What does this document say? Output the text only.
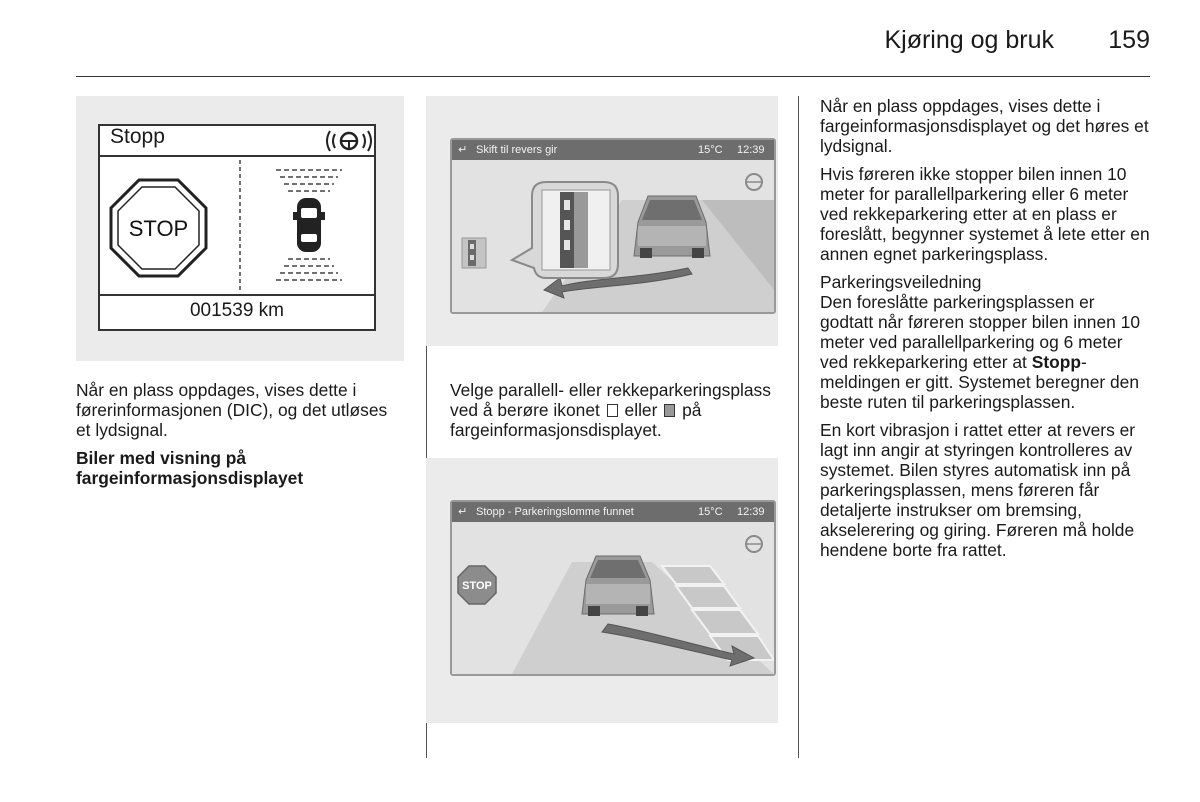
Kjøring og bruk 159
Stopp
STOP
001539 km
↵ Skift til revers gir	15°C 12:39

Velge parallell- eller rekkeparkeringsplass ved å berøre ikonet eller på fargeinformasjonsdisplayet.

↵ Stopp - Parkeringslomme funnet	15°C 12:39
STOP

Når en plass oppdages, vises dette i førerinformasjonen (DIC), og det utløses et lydsignal.

Biler med visning på fargeinformasjonsdisplayet

Når en plass oppdages, vises dette i fargeinformasjonsdisplayet og det høres et lydsignal.

Hvis føreren ikke stopper bilen innen 10 meter for parallellparkering eller 6 meter ved rekkeparkering etter at en plass er foreslått, begynner systemet å lete etter en annen egnet parkeringsplass.

Parkeringsveiledning

Den foreslåtte parkeringsplassen er godtatt når føreren stopper bilen innen 10 meter ved parallellparkering og 6 meter ved rekkeparkering etter at Stopp-meldingen er gitt. Systemet beregner den beste ruten til parkeringsplassen.

En kort vibrasjon i rattet etter at revers er lagt inn angir at styringen kontrolleres av systemet. Bilen styres automatisk inn på parkeringsplassen, mens føreren får detaljerte instrukser om bremsing, akselerering og giring. Føreren må holde hendene borte fra rattet.
